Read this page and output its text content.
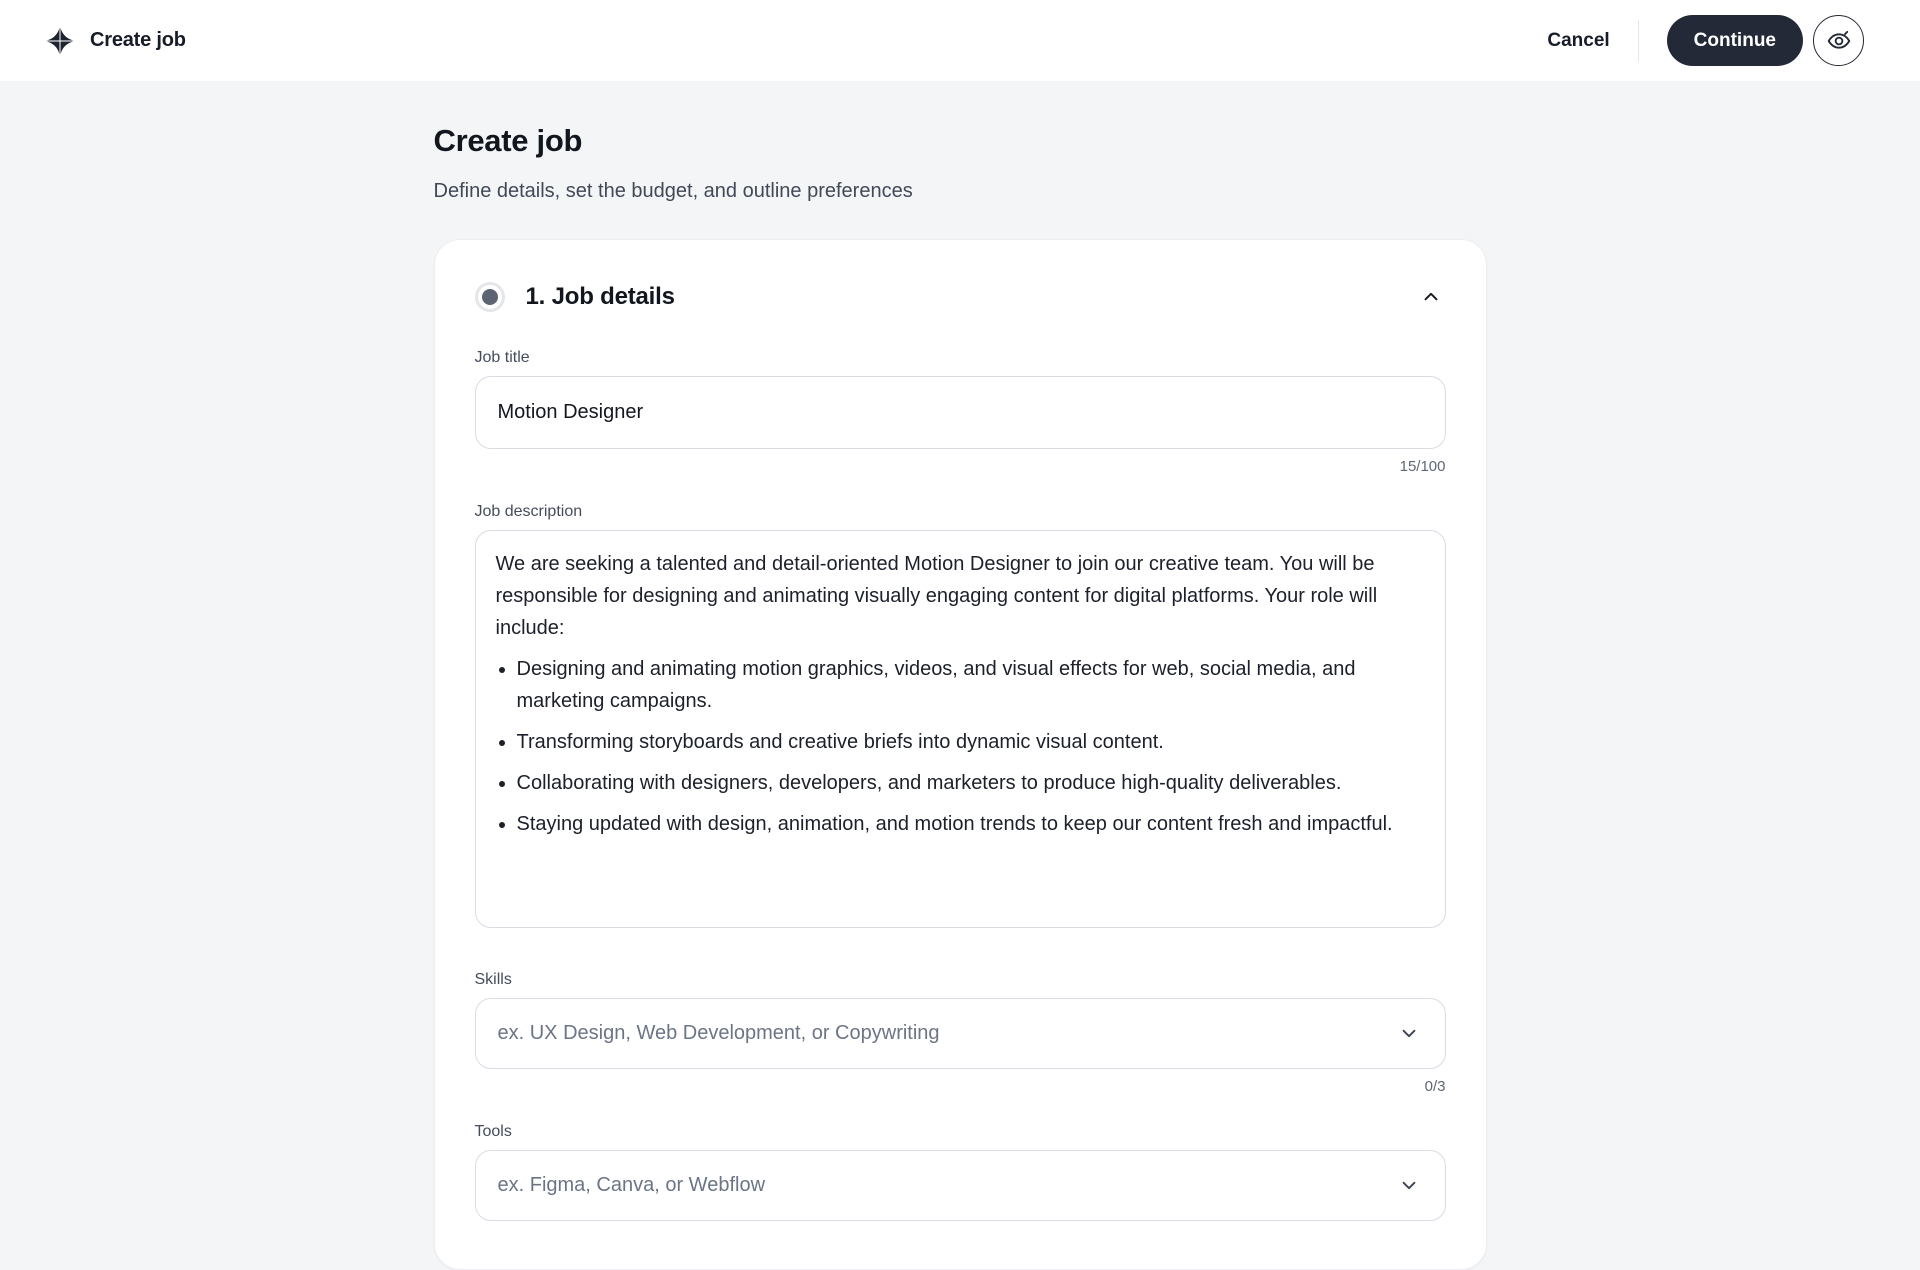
Create job	Cancel	Continue
Create job
Define details, set the budget, and outline preferences
1. Job details
Job title
Motion Designer
15/100
Job description

We are seeking a talented and detail-oriented Motion Designer to join our creative team. You will be responsible for designing and animating visually engaging content for digital platforms. Your role will include:

• Designing and animating motion graphics, videos, and visual effects for web, social media, and marketing campaigns.
• Transforming storyboards and creative briefs into dynamic visual content.
• Collaborating with designers, developers, and marketers to produce high-quality deliverables.
• Staying updated with design, animation, and motion trends to keep our content fresh and impactful.
Skills
ex. UX Design, Web Development, or Copywriting
0/3
Tools
ex. Figma, Canva, or Webflow
